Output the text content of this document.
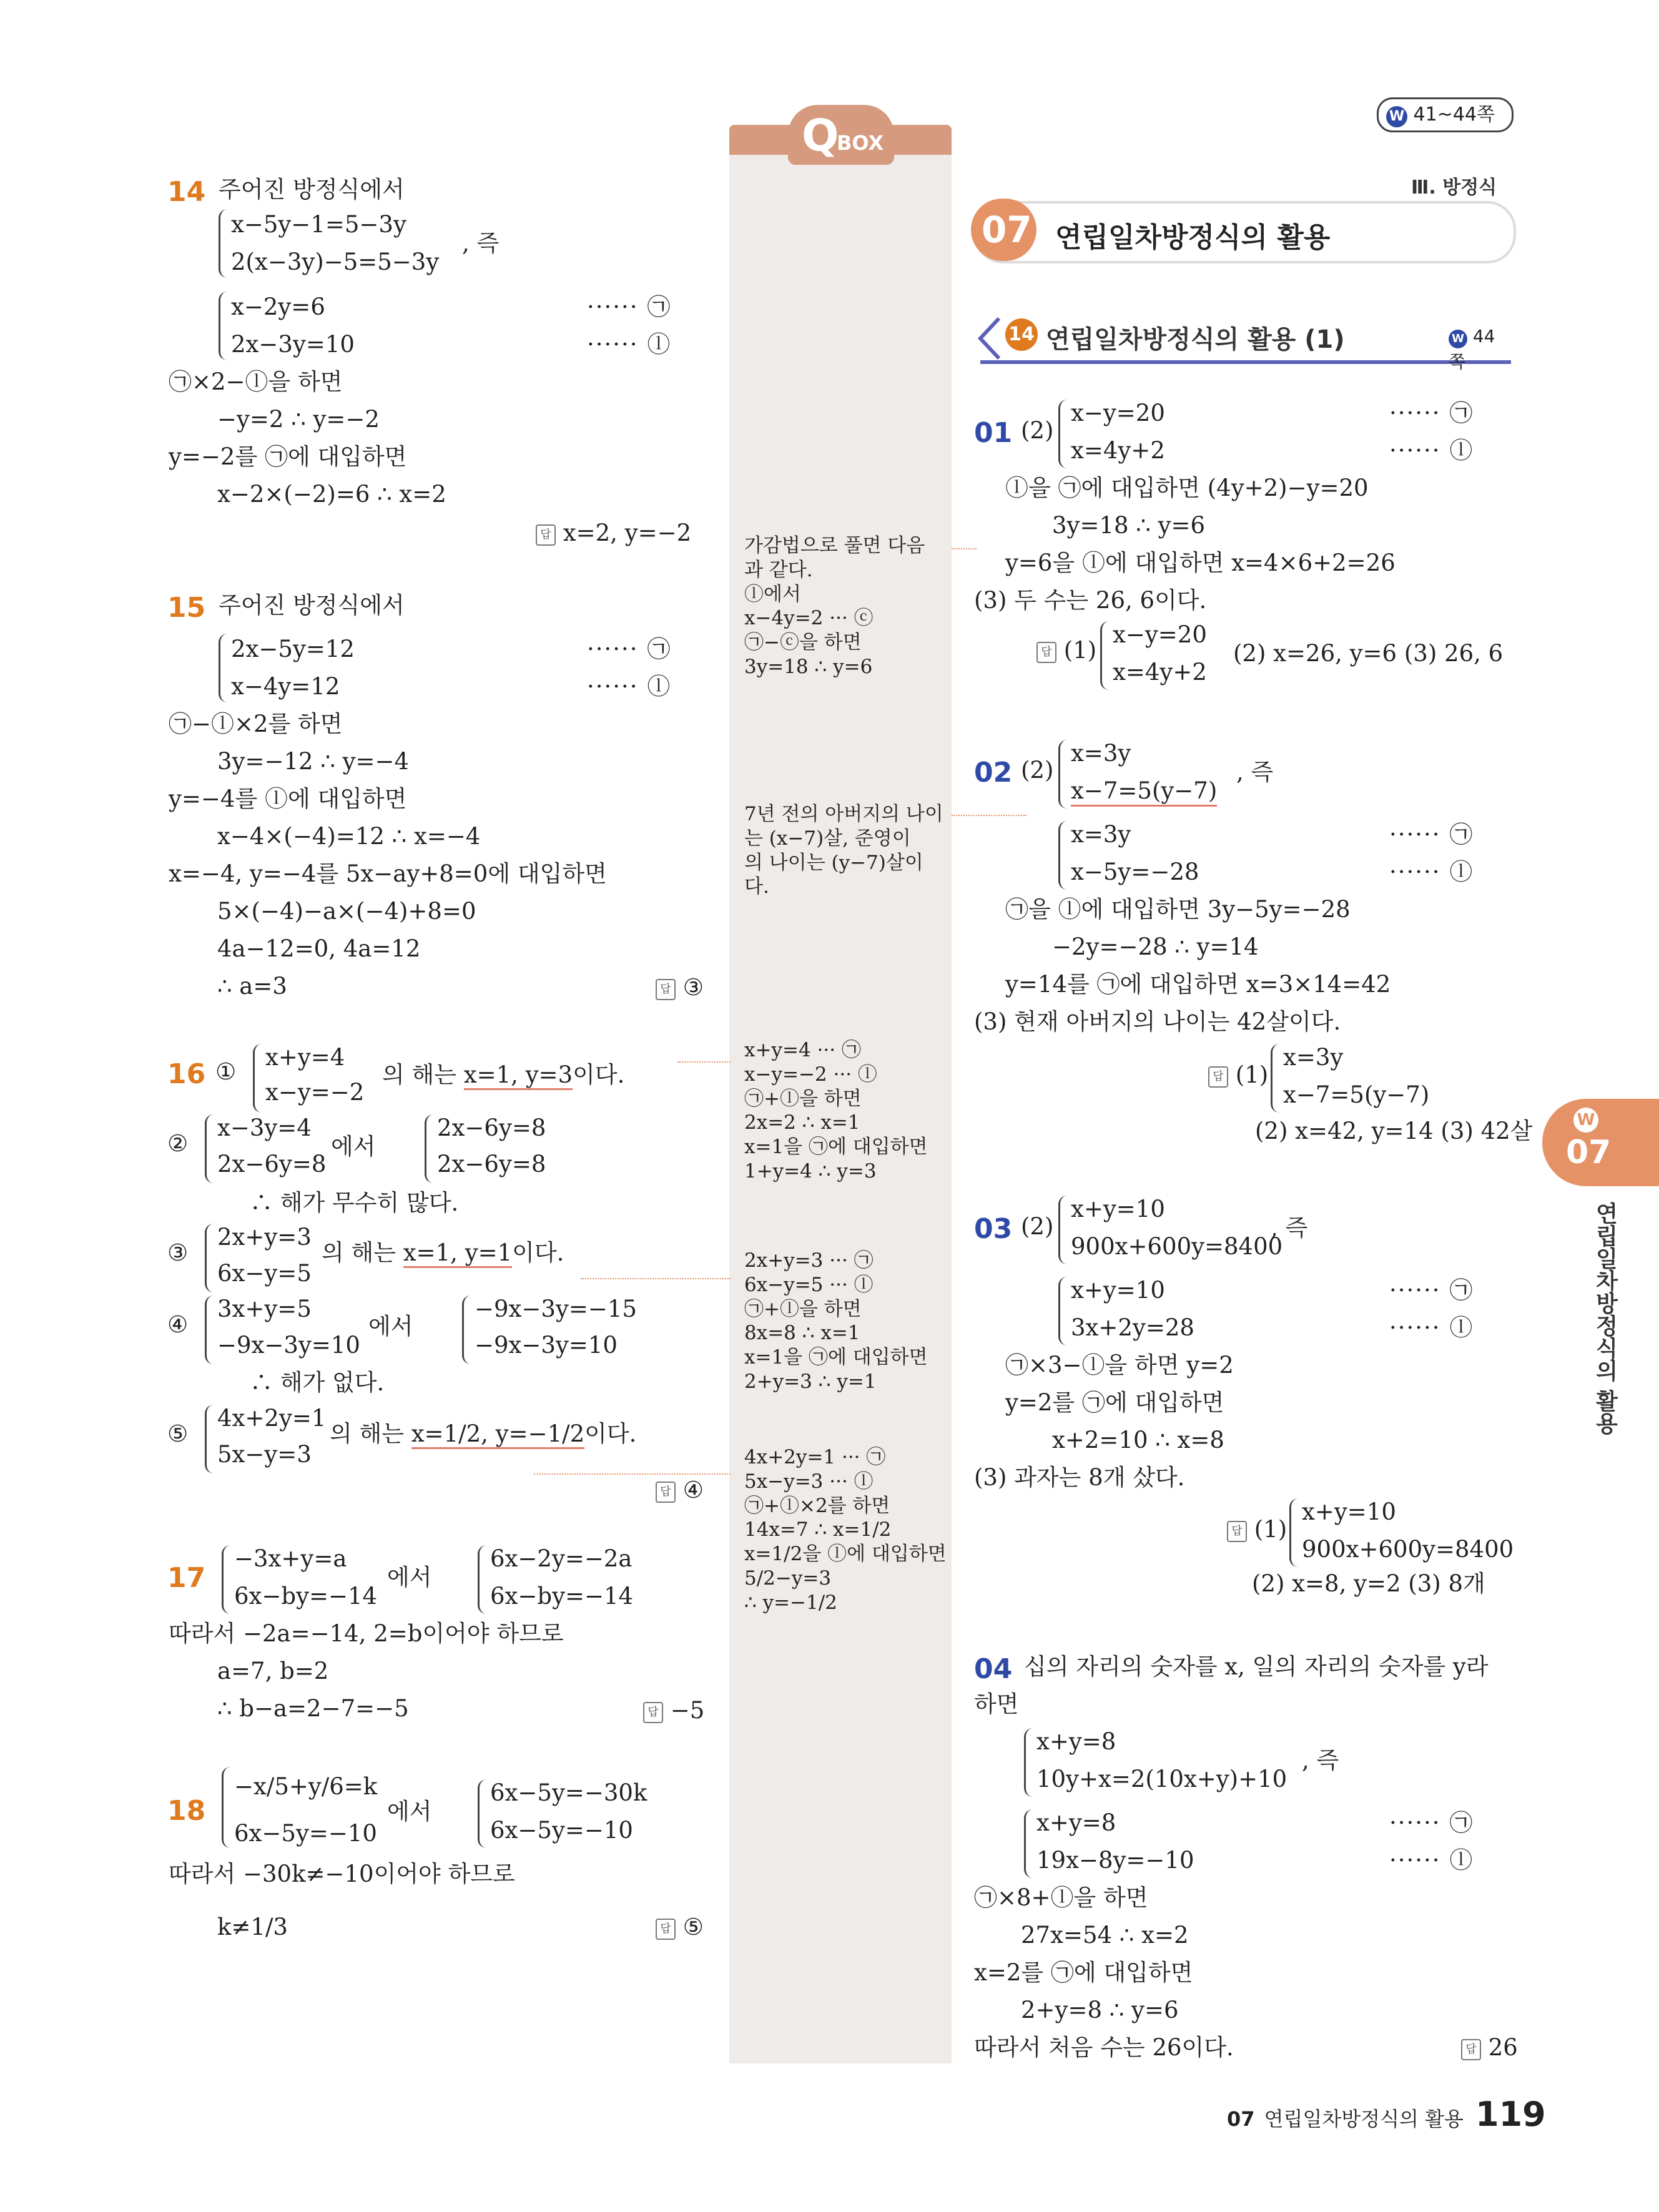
W 41~44쪽
Ⅲ. 방정식
07 연립일차방정식의 활용
14 연립일차방정식의 활용 (1)	W 44쪽
Q
BOX
가감법으로 풀면 다음
과 같다.
ⓛ에서
x−4y=2 ··· ⓒ
㉠−ⓒ을 하면
3y=18 ∴ y=6
7년 전의 아버지의 나이
는 (x−7)살, 준영이
의 나이는 (y−7)살이
다.
x+y=4 ··· ㉠
x−y=−2 ··· ⓛ
㉠+ⓛ을 하면
2x=2 ∴ x=1
x=1을 ㉠에 대입하면
1+y=4 ∴ y=3
2x+y=3 ··· ㉠
6x−y=5 ··· ⓛ
㉠+ⓛ을 하면
8x=8 ∴ x=1
x=1을 ㉠에 대입하면
2+y=3 ∴ y=1
4x+2y=1 ··· ㉠
5x−y=3 ··· ⓛ
㉠+ⓛ×2를 하면
14x=7 ∴ x=1/2
x=1/2을 ⓛ에 대입하면
5/2−y=3
∴ y=−1/2
14 주어진 방정식에서
x−5y−1=5−3y
2(x−3y)−5=5−3y
, 즉
x−2y=6	······ ㉠
2x−3y=10	······ ⓛ
㉠×2−ⓛ을 하면
−y=2 ∴ y=−2
y=−2를 ㉠에 대입하면
x−2×(−2)=6 ∴ x=2
답 x=2, y=−2
15 주어진 방정식에서
2x−5y=12	······ ㉠
x−4y=12	······ ⓛ
㉠−ⓛ×2를 하면
3y=−12 ∴ y=−4
y=−4를 ⓛ에 대입하면
x−4×(−4)=12 ∴ x=−4
x=−4, y=−4를 5x−ay+8=0에 대입하면
5×(−4)−a×(−4)+8=0
4a−12=0, 4a=12
∴ a=3	답 ③
16 ①
x+y=4
x−y=−2
의 해는 x=1, y=3이다.
②
x−3y=4
2x−6y=8
에서
2x−6y=8
2x−6y=8
∴ 해가 무수히 많다.
③
2x+y=3
6x−y=5
의 해는 x=1, y=1이다.
④
3x+y=5
−9x−3y=10
에서
−9x−3y=−15
−9x−3y=10
∴ 해가 없다.
⑤
4x+2y=1
5x−y=3
의 해는 x=1/2, y=−1/2이다.
답 ④
17
−3x+y=a
6x−by=−14
에서
6x−2y=−2a
6x−by=−14
따라서 −2a=−14, 2=b이어야 하므로
a=7, b=2
∴ b−a=2−7=−5	답 −5
18
−x/5+y/6=k
6x−5y=−10
에서
6x−5y=−30k
6x−5y=−10
따라서 −30k≠−10이어야 하므로
k≠1/3	답 ⑤
01 (2)
x−y=20	······ ㉠
x=4y+2	······ ⓛ
ⓛ을 ㉠에 대입하면 (4y+2)−y=20
3y=18 ∴ y=6
y=6을 ⓛ에 대입하면 x=4×6+2=26
(3) 두 수는 26, 6이다.
답 (1)
x−y=20
x=4y+2
(2) x=26, y=6 (3) 26, 6
02 (2)
x=3y
x−7=5(y−7)
, 즉
x=3y	······ ㉠
x−5y=−28	······ ⓛ
㉠을 ⓛ에 대입하면 3y−5y=−28
−2y=−28 ∴ y=14
y=14를 ㉠에 대입하면 x=3×14=42
(3) 현재 아버지의 나이는 42살이다.
답 (1)
x=3y
x−7=5(y−7)
(2) x=42, y=14 (3) 42살
03 (2)
x+y=10
900x+600y=8400
, 즉
x+y=10	······ ㉠
3x+2y=28	······ ⓛ
㉠×3−ⓛ을 하면 y=2
y=2를 ㉠에 대입하면
x+2=10 ∴ x=8
(3) 과자는 8개 샀다.
답 (1)
x+y=10
900x+600y=8400
(2) x=8, y=2 (3) 8개
04 십의 자리의 숫자를 x, 일의 자리의 숫자를 y라
하면
x+y=8
10y+x=2(10x+y)+10
, 즉
x+y=8	······ ㉠
19x−8y=−10	······ ⓛ
㉠×8+ⓛ을 하면
27x=54 ∴ x=2
x=2를 ㉠에 대입하면
2+y=8 ∴ y=6
따라서 처음 수는 26이다.	답 26
W
07
연립일차방정식의 활용
07 연립일차방정식의 활용 119
